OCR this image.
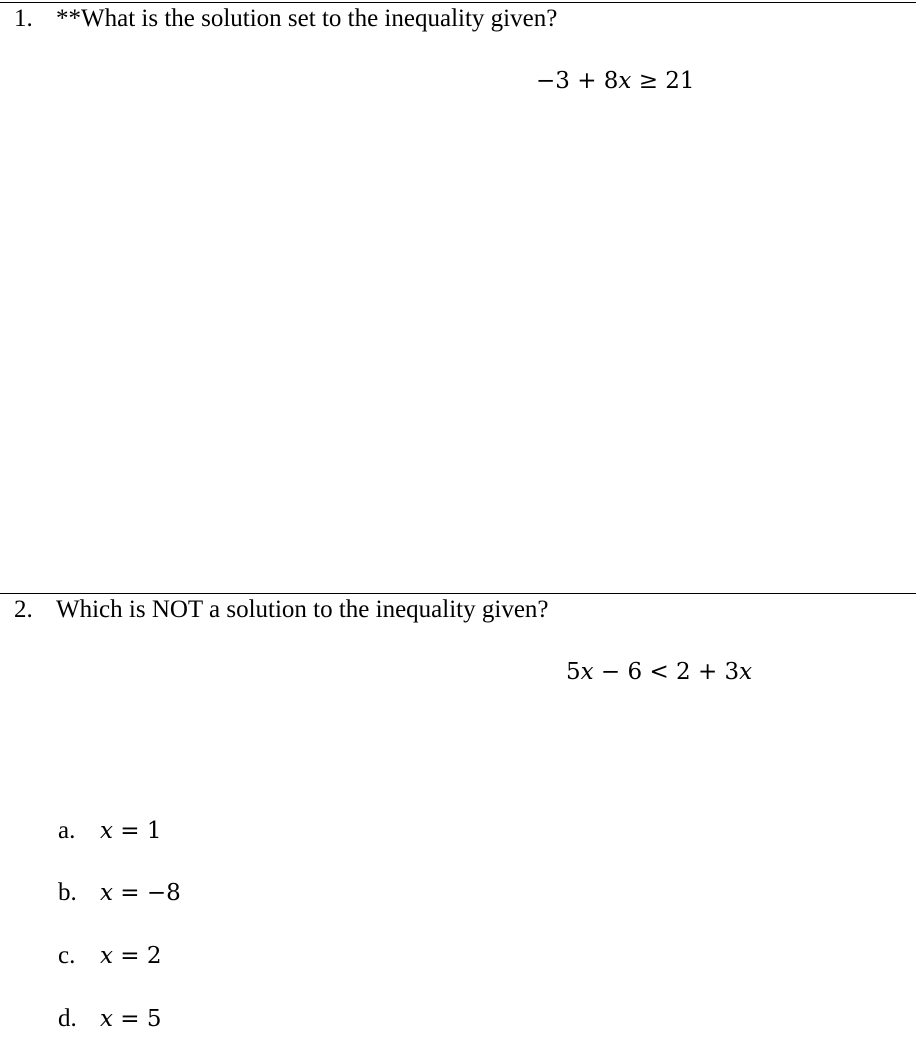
1. **What is the solution set to the inequality given?
−3 + 8𝑥 ≥ 21
2. Which is NOT a solution to the inequality given?
5𝑥 − 6 < 2 + 3𝑥
a. 𝑥 = 1
b. 𝑥 = −8
c. 𝑥 = 2
d. 𝑥 = 5
